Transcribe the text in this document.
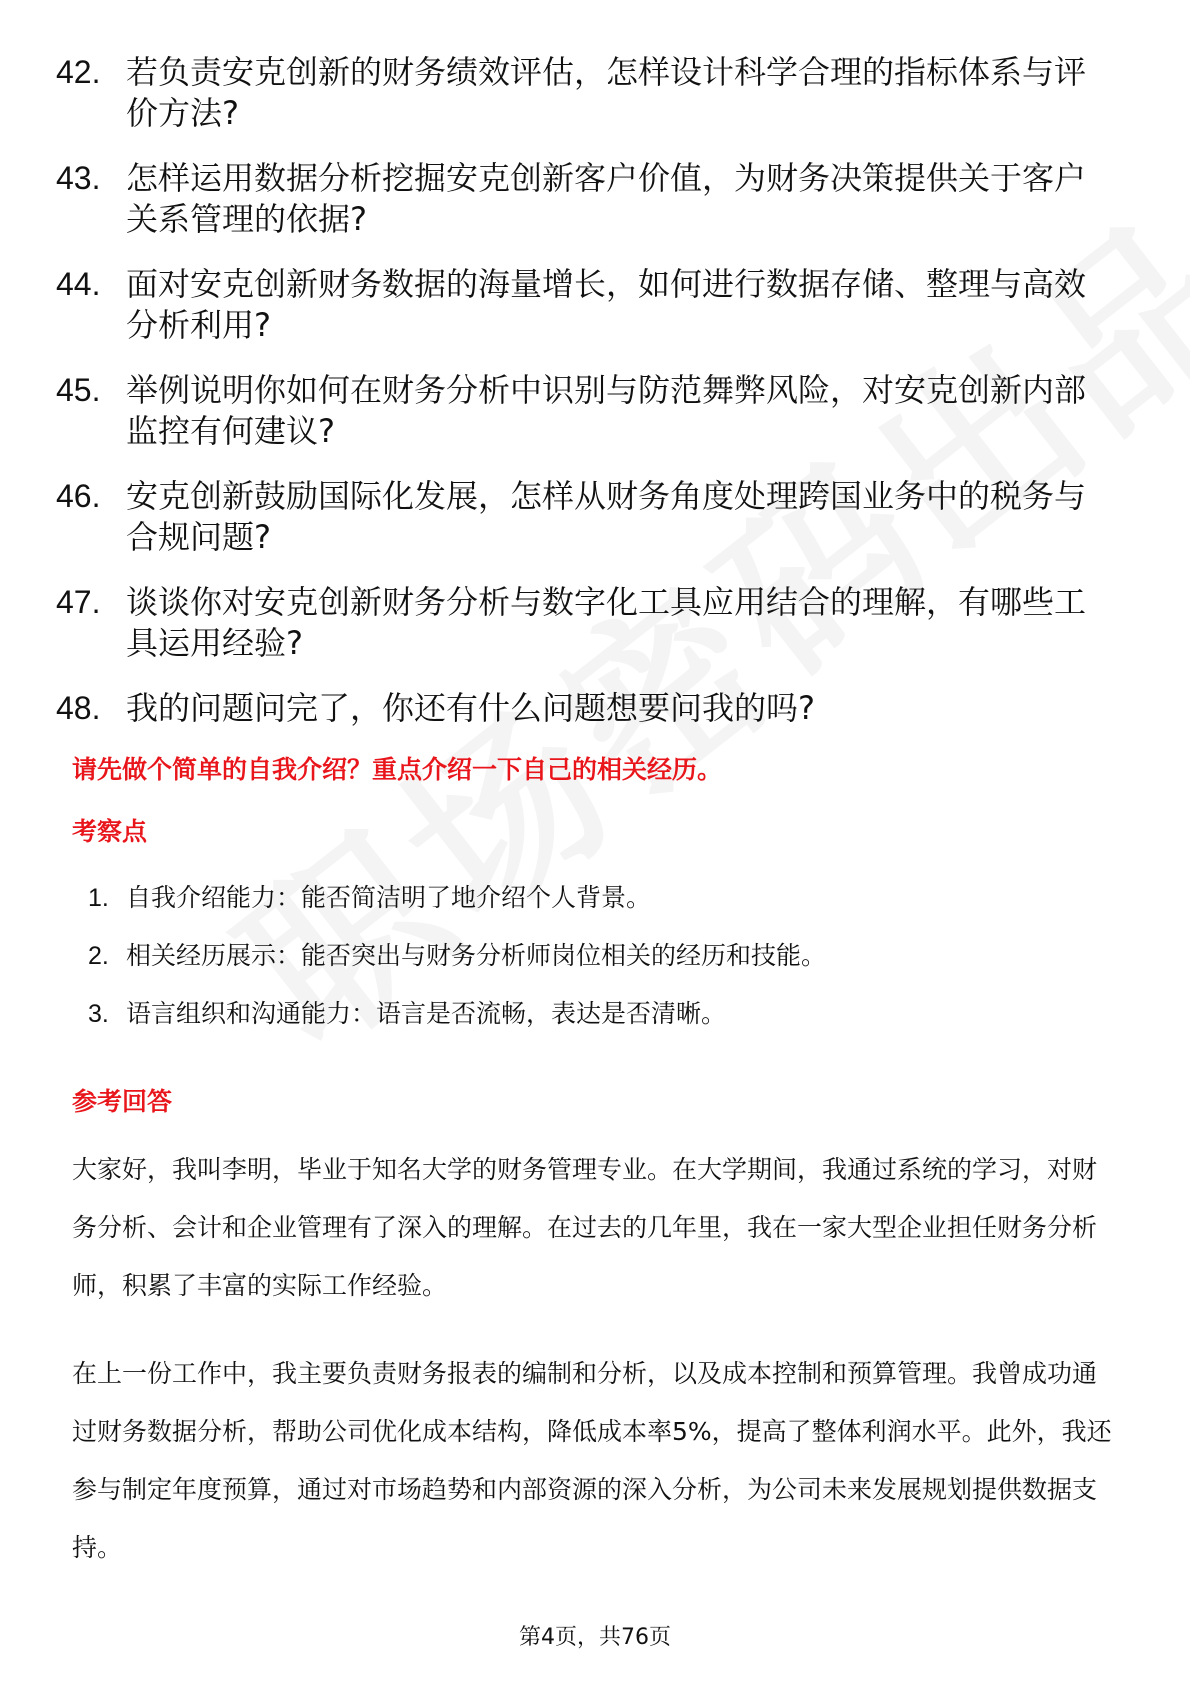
42. 若负责安克创新的财务绩效评估，怎样设计科学合理的指标体系与评价方法?
43. 怎样运用数据分析挖掘安克创新客户价值，为财务决策提供关于客户关系管理的依据?
44. 面对安克创新财务数据的海量增长，如何进行数据存储、整理与高效分析利用?
45. 举例说明你如何在财务分析中识别与防范舞弊风险，对安克创新内部监控有何建议?
46. 安克创新鼓励国际化发展，怎样从财务角度处理跨国业务中的税务与合规问题?
47. 谈谈你对安克创新财务分析与数字化工具应用结合的理解，有哪些工具运用经验?
48. 我的问题问完了，你还有什么问题想要问我的吗?
请先做个简单的自我介绍？重点介绍一下自己的相关经历。
考察点
1. 自我介绍能力：能否简洁明了地介绍个人背景。
2. 相关经历展示：能否突出与财务分析师岗位相关的经历和技能。
3. 语言组织和沟通能力：语言是否流畅，表达是否清晰。
参考回答

大家好，我叫李明，毕业于知名大学的财务管理专业。在大学期间，我通过系统的学习，对财务分析、会计和企业管理有了深入的理解。在过去的几年里，我在一家大型企业担任财务分析师，积累了丰富的实际工作经验。

在上一份工作中，我主要负责财务报表的编制和分析，以及成本控制和预算管理。我曾成功通过财务数据分析，帮助公司优化成本结构，降低成本率5%，提高了整体利润水平。此外，我还参与制定年度预算，通过对市场趋势和内部资源的深入分析，为公司未来发展规划提供数据支持。

第4页，共76页
